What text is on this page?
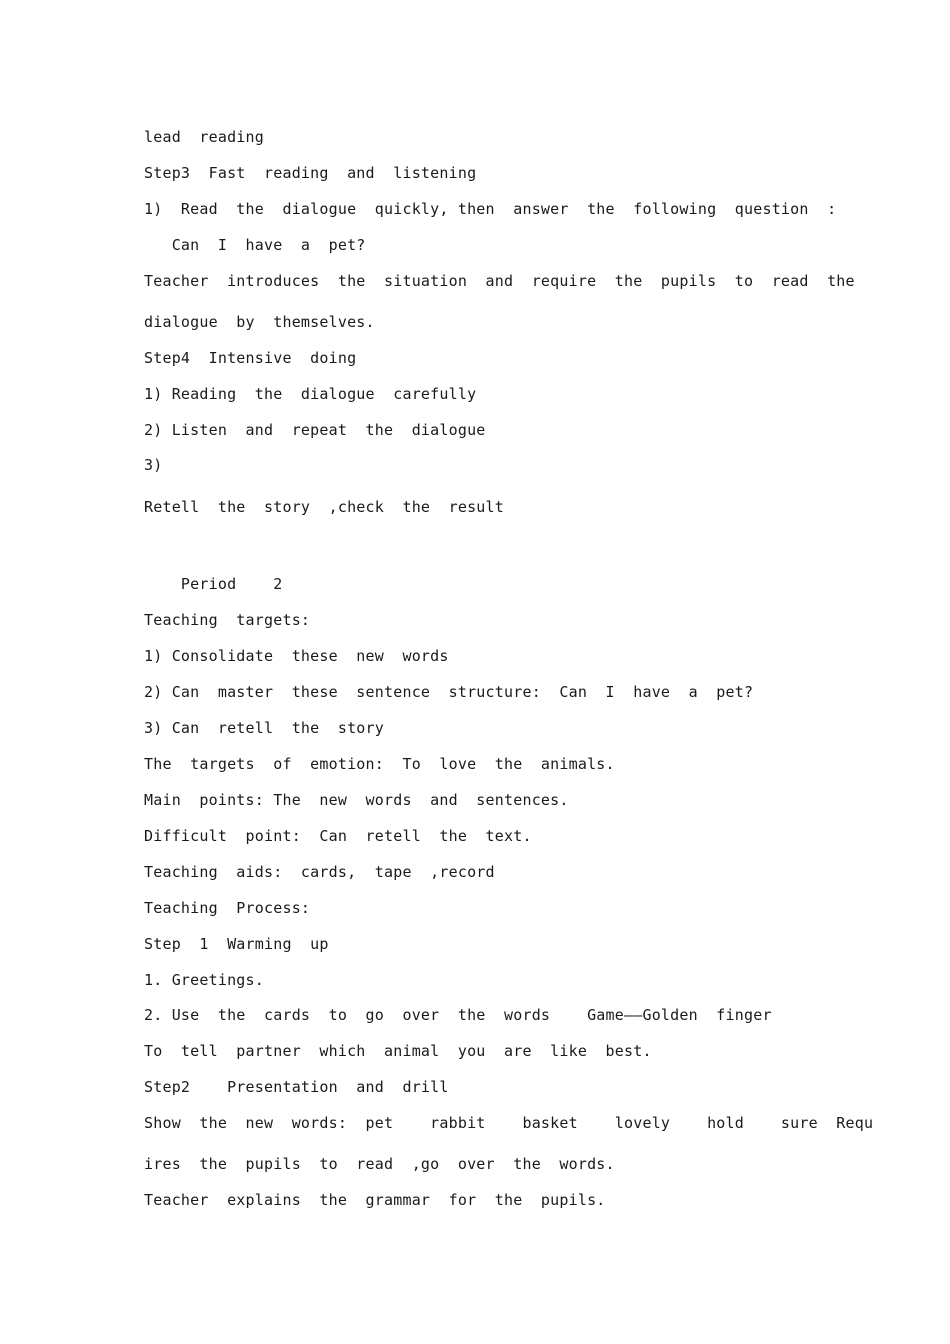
lead  reading
Step3  Fast  reading  and  listening
1)  Read  the  dialogue  quickly, then  answer  the  following  question  :
Can  I  have  a  pet?
Teacher  introduces  the  situation  and  require  the  pupils  to  read  the
dialogue  by  themselves.
Step4  Intensive  doing
1) Reading  the  dialogue  carefully
2) Listen  and  repeat  the  dialogue
3)
Retell  the  story  ,check  the  result
Period    2
Teaching  targets:
1) Consolidate  these  new  words
2) Can  master  these  sentence  structure:  Can  I  have  a  pet?
3) Can  retell  the  story
The  targets  of  emotion:  To  love  the  animals.
Main  points: The  new  words  and  sentences.
Difficult  point:  Can  retell  the  text.
Teaching  aids:  cards,  tape  ,record
Teaching  Process:
Step  1  Warming  up
1. Greetings.
2. Use  the  cards  to  go  over  the  words    Game——Golden  finger
To  tell  partner  which  animal  you  are  like  best.
Step2    Presentation  and  drill
Show  the  new  words:  pet    rabbit    basket    lovely    hold    sure  Requ
ires  the  pupils  to  read  ,go  over  the  words.
Teacher  explains  the  grammar  for  the  pupils.
